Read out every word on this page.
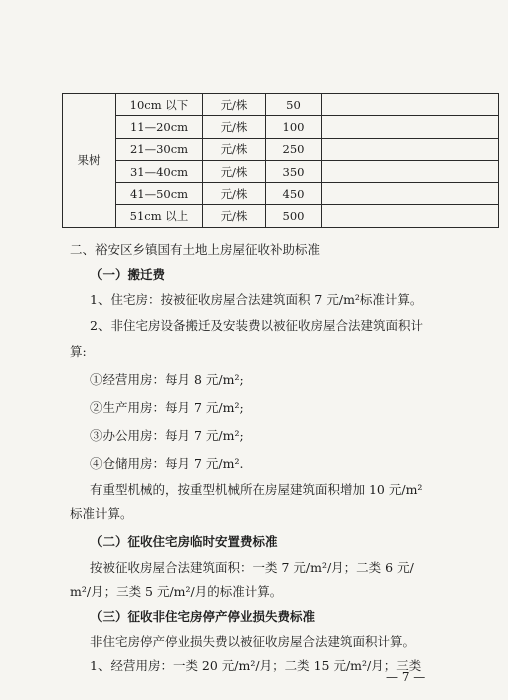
果树	10cm 以下	元/株	50	
	11—20cm	元/株	100	
	21—30cm	元/株	250	
	31—40cm	元/株	350	
	41—50cm	元/株	450	
	51cm 以上	元/株	500	
二、裕安区乡镇国有土地上房屋征收补助标准
（一）搬迁费
1、住宅房：按被征收房屋合法建筑面积 7 元/m²标准计算。
2、非住宅房设备搬迁及安装费以被征收房屋合法建筑面积计
算:
①经营用房：每月 8 元/m²;
②生产用房：每月 7 元/m²;
③办公用房：每月 7 元/m²;
④仓储用房：每月 7 元/m².
有重型机械的，按重型机械所在房屋建筑面积增加 10 元/m²
标准计算。
（二）征收住宅房临时安置费标准
按被征收房屋合法建筑面积：一类 7 元/m²/月；二类 6 元/
m²/月；三类 5 元/m²/月的标准计算。
（三）征收非住宅房停产停业损失费标准
非住宅房停产停业损失费以被征收房屋合法建筑面积计算。
1、经营用房：一类 20 元/m²/月；二类 15 元/m²/月；三类
— 7 —
